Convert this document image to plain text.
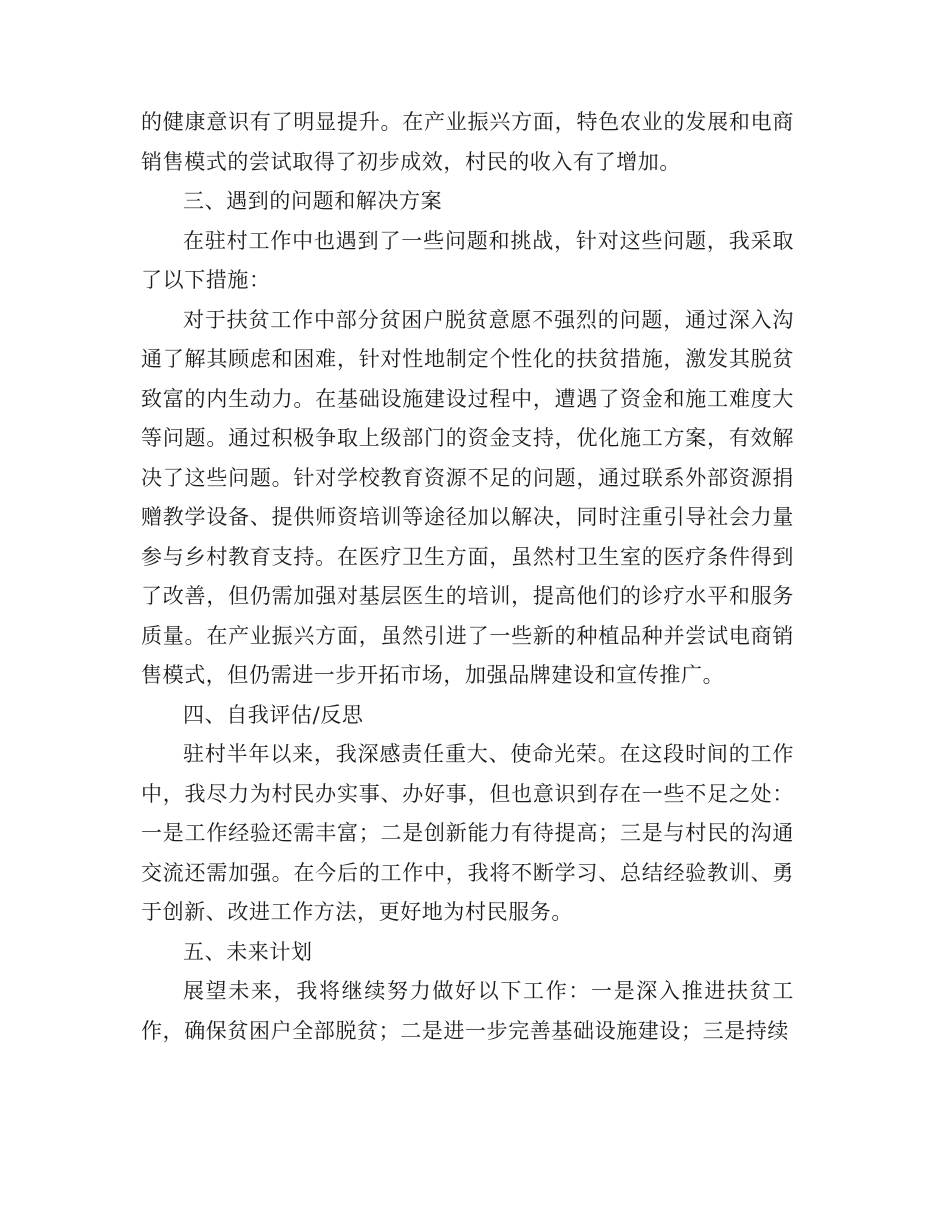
的健康意识有了明显提升。在产业振兴方面，特色农业的发展和电商销售模式的尝试取得了初步成效，村民的收入有了增加。

三、遇到的问题和解决方案

在驻村工作中也遇到了一些问题和挑战，针对这些问题，我采取了以下措施：

对于扶贫工作中部分贫困户脱贫意愿不强烈的问题，通过深入沟通了解其顾虑和困难，针对性地制定个性化的扶贫措施，激发其脱贫致富的内生动力。在基础设施建设过程中，遭遇了资金和施工难度大等问题。通过积极争取上级部门的资金支持，优化施工方案，有效解决了这些问题。针对学校教育资源不足的问题，通过联系外部资源捐赠教学设备、提供师资培训等途径加以解决，同时注重引导社会力量参与乡村教育支持。在医疗卫生方面，虽然村卫生室的医疗条件得到了改善，但仍需加强对基层医生的培训，提高他们的诊疗水平和服务质量。在产业振兴方面，虽然引进了一些新的种植品种并尝试电商销售模式，但仍需进一步开拓市场，加强品牌建设和宣传推广。

四、自我评估/反思

驻村半年以来，我深感责任重大、使命光荣。在这段时间的工作中，我尽力为村民办实事、办好事，但也意识到存在一些不足之处：一是工作经验还需丰富；二是创新能力有待提高；三是与村民的沟通交流还需加强。在今后的工作中，我将不断学习、总结经验教训、勇于创新、改进工作方法，更好地为村民服务。

五、未来计划

展望未来，我将继续努力做好以下工作：一是深入推进扶贫工作，确保贫困户全部脱贫；二是进一步完善基础设施建设；三是持续
